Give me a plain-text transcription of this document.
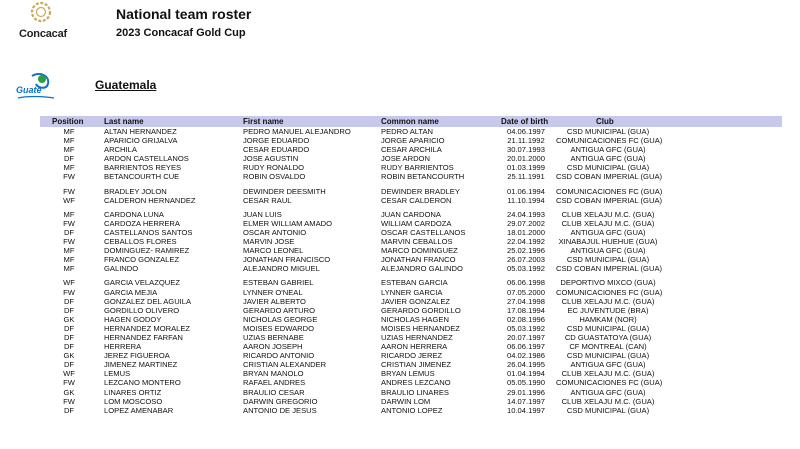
Concacaf
National team roster
2023 Concacaf Gold Cup
Guate	Guatemala
Position	Last name	First name	Common name	Date of birth	Club
MF	ALTAN HERNANDEZ	PEDRO MANUEL ALEJANDRO	PEDRO ALTAN	04.06.1997	CSD MUNICIPAL (GUA)
MF	APARICIO GRIJALVA	JORGE EDUARDO	JORGE APARICIO	21.11.1992	COMUNICACIONES FC (GUA)
MF	ARCHILA	CESAR EDUARDO	CESAR ARCHILA	30.07.1993	ANTIGUA GFC (GUA)
DF	ARDON CASTELLANOS	JOSE AGUSTIN	JOSE ARDON	20.01.2000	ANTIGUA GFC (GUA)
MF	BARRIENTOS REYES	RUDY RONALDO	RUDY BARRIENTOS	01.03.1999	CSD MUNICIPAL (GUA)
FW	BETANCOURTH CUE	ROBIN OSVALDO	ROBIN BETANCOURTH	25.11.1991	CSD COBAN IMPERIAL (GUA)
FW	BRADLEY JOLON	DEWINDER DEESMITH	DEWINDER BRADLEY	01.06.1994	COMUNICACIONES FC (GUA)
WF	CALDERON HERNANDEZ	CESAR RAUL	CESAR CALDERON	11.10.1994	CSD COBAN IMPERIAL (GUA)
MF	CARDONA LUNA	JUAN LUIS	JUAN CARDONA	24.04.1993	CLUB XELAJU M.C. (GUA)
FW	CARDOZA HERRERA	ELMER WILLIAM AMADO	WILLIAM CARDOZA	29.07.2002	CLUB XELAJU M.C. (GUA)
DF	CASTELLANOS SANTOS	OSCAR ANTONIO	OSCAR CASTELLANOS	18.01.2000	ANTIGUA GFC (GUA)
FW	CEBALLOS FLORES	MARVIN JOSE	MARVIN CEBALLOS	22.04.1992	XINABAJUL HUEHUE (GUA)
MF	DOMINGUEZ- RAMIREZ	MARCO LEONEL	MARCO DOMINGUEZ	25.02.1996	ANTIGUA GFC (GUA)
MF	FRANCO GONZALEZ	JONATHAN FRANCISCO	JONATHAN FRANCO	26.07.2003	CSD MUNICIPAL (GUA)
MF	GALINDO	ALEJANDRO MIGUEL	ALEJANDRO GALINDO	05.03.1992	CSD COBAN IMPERIAL (GUA)
WF	GARCIA VELAZQUEZ	ESTEBAN GABRIEL	ESTEBAN GARCIA	06.06.1998	DEPORTIVO MIXCO (GUA)
FW	GARCIA MEJIA	LYNNER O'NEAL	LYNNER GARCIA	07.05.2000	COMUNICACIONES FC (GUA)
DF	GONZALEZ DEL AGUILA	JAVIER ALBERTO	JAVIER GONZALEZ	27.04.1998	CLUB XELAJU M.C. (GUA)
DF	GORDILLO OLIVERO	GERARDO ARTURO	GERARDO GORDILLO	17.08.1994	EC JUVENTUDE (BRA)
GK	HAGEN GODOY	NICHOLAS GEORGE	NICHOLAS HAGEN	02.08.1996	HAMKAM (NOR)
DF	HERNANDEZ MORALEZ	MOISES EDWARDO	MOISES HERNANDEZ	05.03.1992	CSD MUNICIPAL (GUA)
DF	HERNANDEZ FARFAN	UZIAS BERNABE	UZIAS HERNANDEZ	20.07.1997	CD GUASTATOYA (GUA)
DF	HERRERA	AARON JOSEPH	AARON HERRERA	06.06.1997	CF MONTREAL (CAN)
GK	JEREZ FIGUEROA	RICARDO ANTONIO	RICARDO JEREZ	04.02.1986	CSD MUNICIPAL (GUA)
DF	JIMENEZ MARTINEZ	CRISTIAN ALEXANDER	CRISTIAN JIMENEZ	26.04.1995	ANTIGUA GFC (GUA)
WF	LEMUS	BRYAN MANOLO	BRYAN LEMUS	01.04.1994	CLUB XELAJU M.C. (GUA)
FW	LEZCANO MONTERO	RAFAEL ANDRES	ANDRES LEZCANO	05.05.1990	COMUNICACIONES FC (GUA)
GK	LINARES ORTIZ	BRAULIO CESAR	BRAULIO LINARES	29.01.1996	ANTIGUA GFC (GUA)
FW	LOM MOSCOSO	DARWIN GREGORIO	DARWIN LOM	14.07.1997	CLUB XELAJU M.C. (GUA)
DF	LOPEZ AMENABAR	ANTONIO DE JESUS	ANTONIO LOPEZ	10.04.1997	CSD MUNICIPAL (GUA)
